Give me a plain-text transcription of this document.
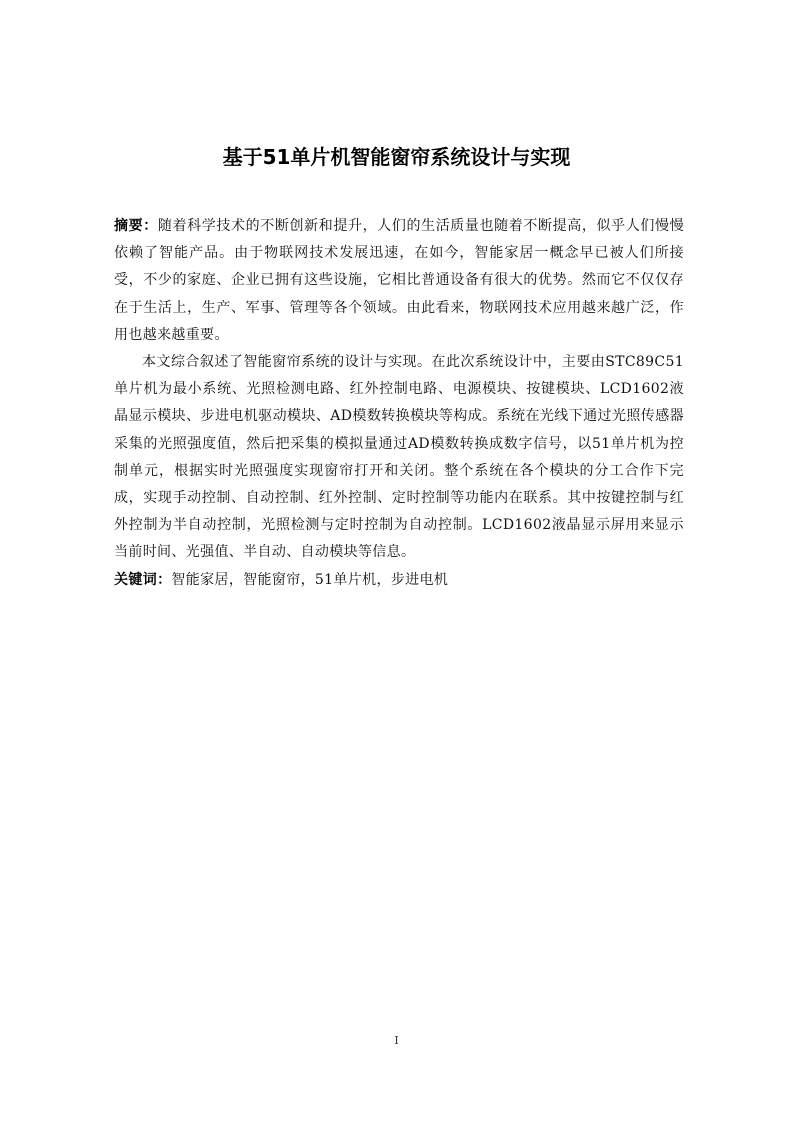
基于51单片机智能窗帘系统设计与实现

摘要：随着科学技术的不断创新和提升，人们的生活质量也随着不断提高，似乎人们慢慢依赖了智能产品。由于物联网技术发展迅速，在如今，智能家居一概念早已被人们所接受，不少的家庭、企业已拥有这些设施，它相比普通设备有很大的优势。然而它不仅仅存在于生活上，生产、军事、管理等各个领域。由此看来，物联网技术应用越来越广泛，作用也越来越重要。

本文综合叙述了智能窗帘系统的设计与实现。在此次系统设计中，主要由STC89C51单片机为最小系统、光照检测电路、红外控制电路、电源模块、按键模块、LCD1602液晶显示模块、步进电机驱动模块、AD模数转换模块等构成。系统在光线下通过光照传感器采集的光照强度值，然后把采集的模拟量通过AD模数转换成数字信号，以51单片机为控制单元，根据实时光照强度实现窗帘打开和关闭。整个系统在各个模块的分工合作下完成，实现手动控制、自动控制、红外控制、定时控制等功能内在联系。其中按键控制与红外控制为半自动控制，光照检测与定时控制为自动控制。LCD1602液晶显示屏用来显示当前时间、光强值、半自动、自动模块等信息。

关键词：智能家居，智能窗帘，51单片机，步进电机

I
